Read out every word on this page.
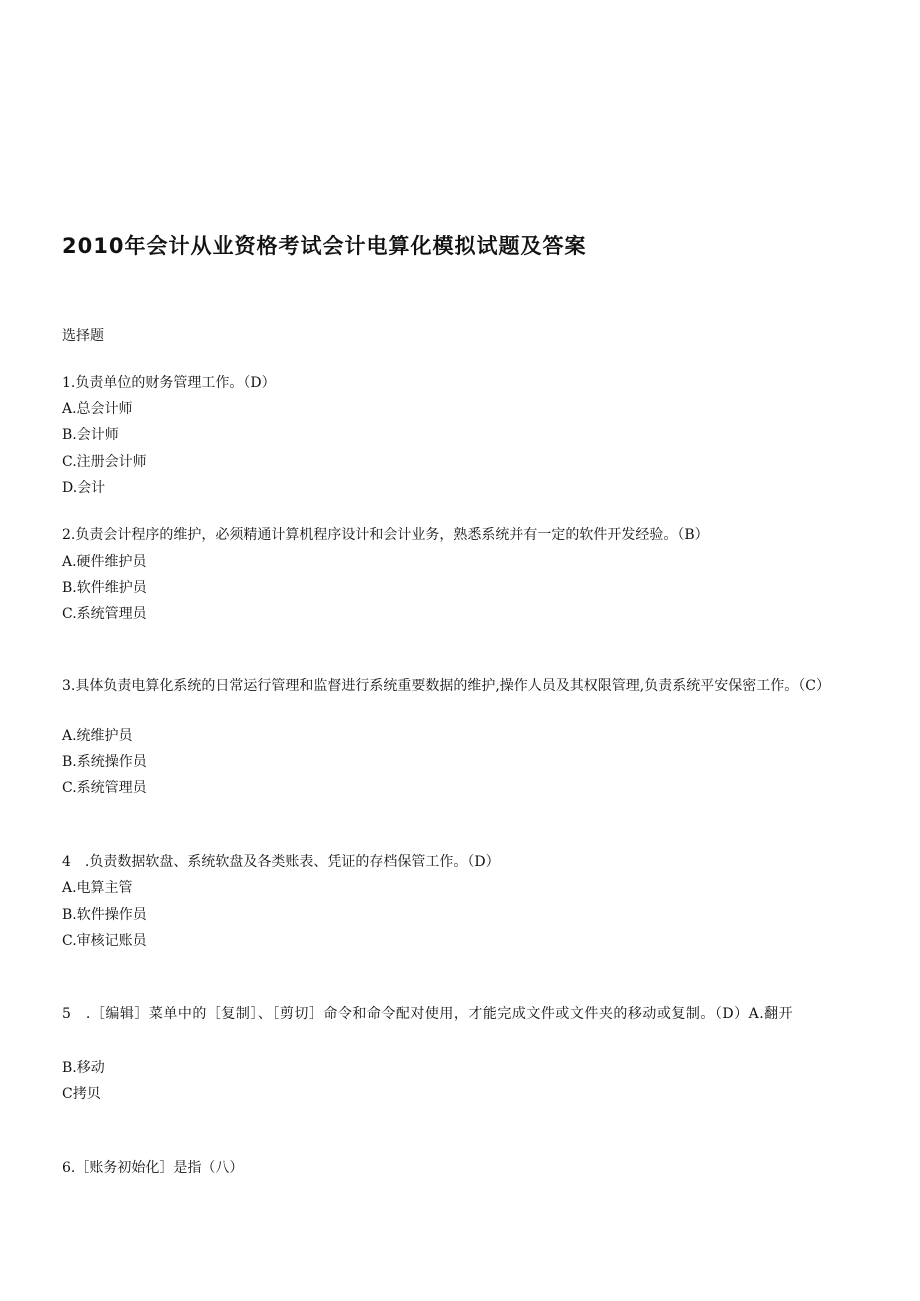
2010年会计从业资格考试会计电算化模拟试题及答案
选择题
1.负责单位的财务管理工作。（D）
A.总会计师
B.会计师
C.注册会计师
D.会计
2.负责会计程序的维护，必须精通计算机程序设计和会计业务，熟悉系统并有一定的软件开发经验。（B）
A.硬件维护员
B.软件维护员
C.系统管理员
3.具体负责电算化系统的日常运行管理和监督进行系统重要数据的维护,操作人员及其权限管理,负责系统平安保密工作。（C）
A.统维护员
B.系统操作员
C.系统管理员
4　.负责数据软盘、系统软盘及各类账表、凭证的存档保管工作。（D）
A.电算主管
B.软件操作员
C.审核记账员
5　.［编辑］菜单中的［复制］、［剪切］命令和命令配对使用，才能完成文件或文件夹的移动或复制。（D）A.翻开
B.移动
C拷贝
6.［账务初始化］是指（八）
